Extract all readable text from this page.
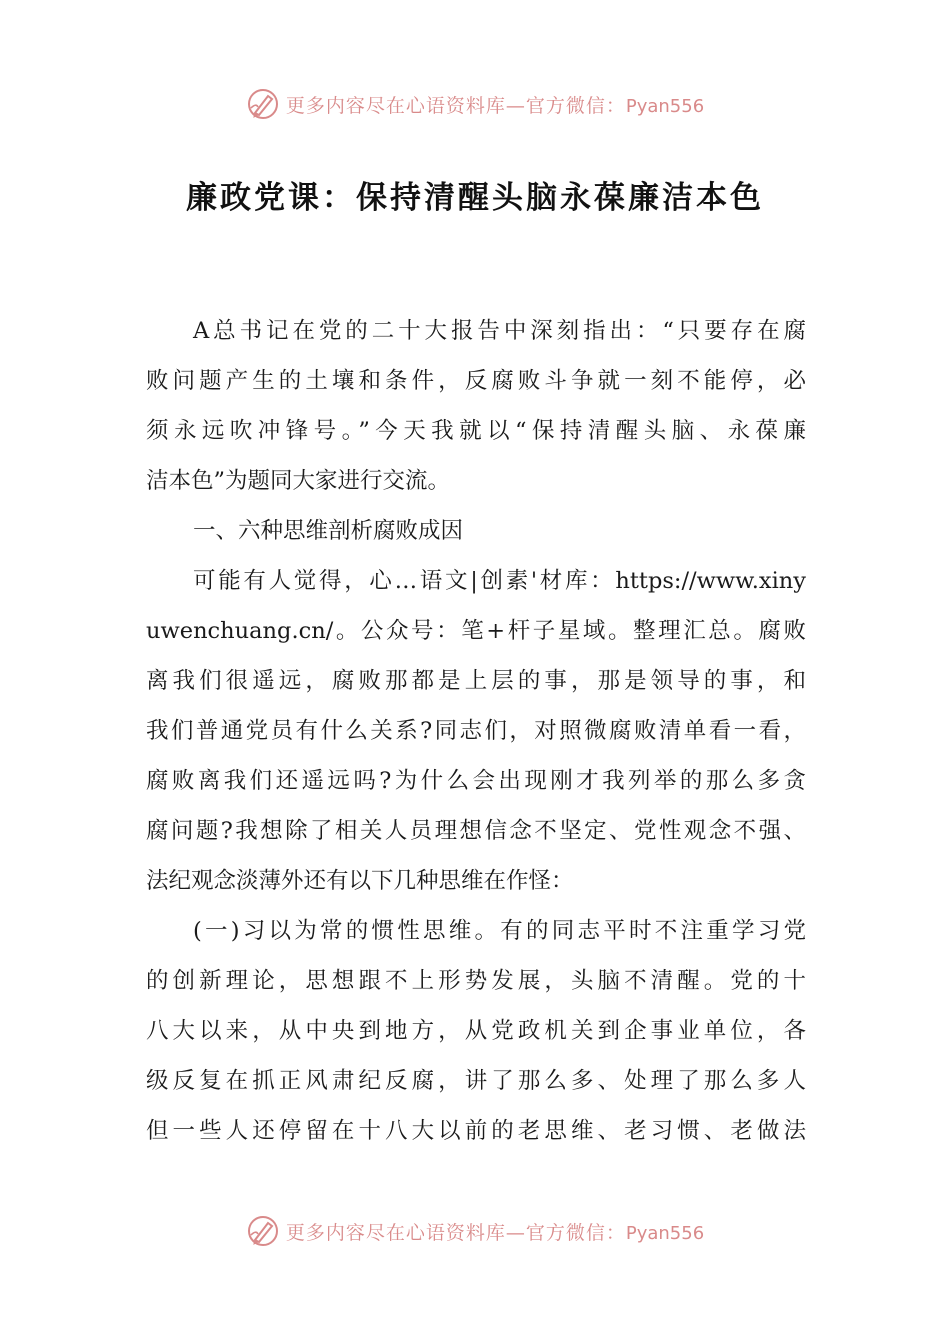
更多内容尽在心语资料库—官方微信：Pyan556
廉政党课：保持清醒头脑永葆廉洁本色
A总书记在党的二十大报告中深刻指出：“只要存在腐
败问题产生的土壤和条件，反腐败斗争就一刻不能停，必
须永远吹冲锋号。”今天我就以“保持清醒头脑、永葆廉
洁本色”为题同大家进行交流。
一、六种思维剖析腐败成因
可能有人觉得，心…语文|创素'材库：https://www.xiny
uwenchuang.cn/。公众号：笔+杆子星域。整理汇总。腐败
离我们很遥远，腐败那都是上层的事，那是领导的事，和
我们普通党员有什么关系?同志们，对照微腐败清单看一看，
腐败离我们还遥远吗?为什么会出现刚才我列举的那么多贪
腐问题?我想除了相关人员理想信念不坚定、党性观念不强、
法纪观念淡薄外还有以下几种思维在作怪：
(一)习以为常的惯性思维。有的同志平时不注重学习党
的创新理论，思想跟不上形势发展，头脑不清醒。党的十
八大以来，从中央到地方，从党政机关到企事业单位，各
级反复在抓正风肃纪反腐，讲了那么多、处理了那么多人
但一些人还停留在十八大以前的老思维、老习惯、老做法
更多内容尽在心语资料库—官方微信：Pyan556
